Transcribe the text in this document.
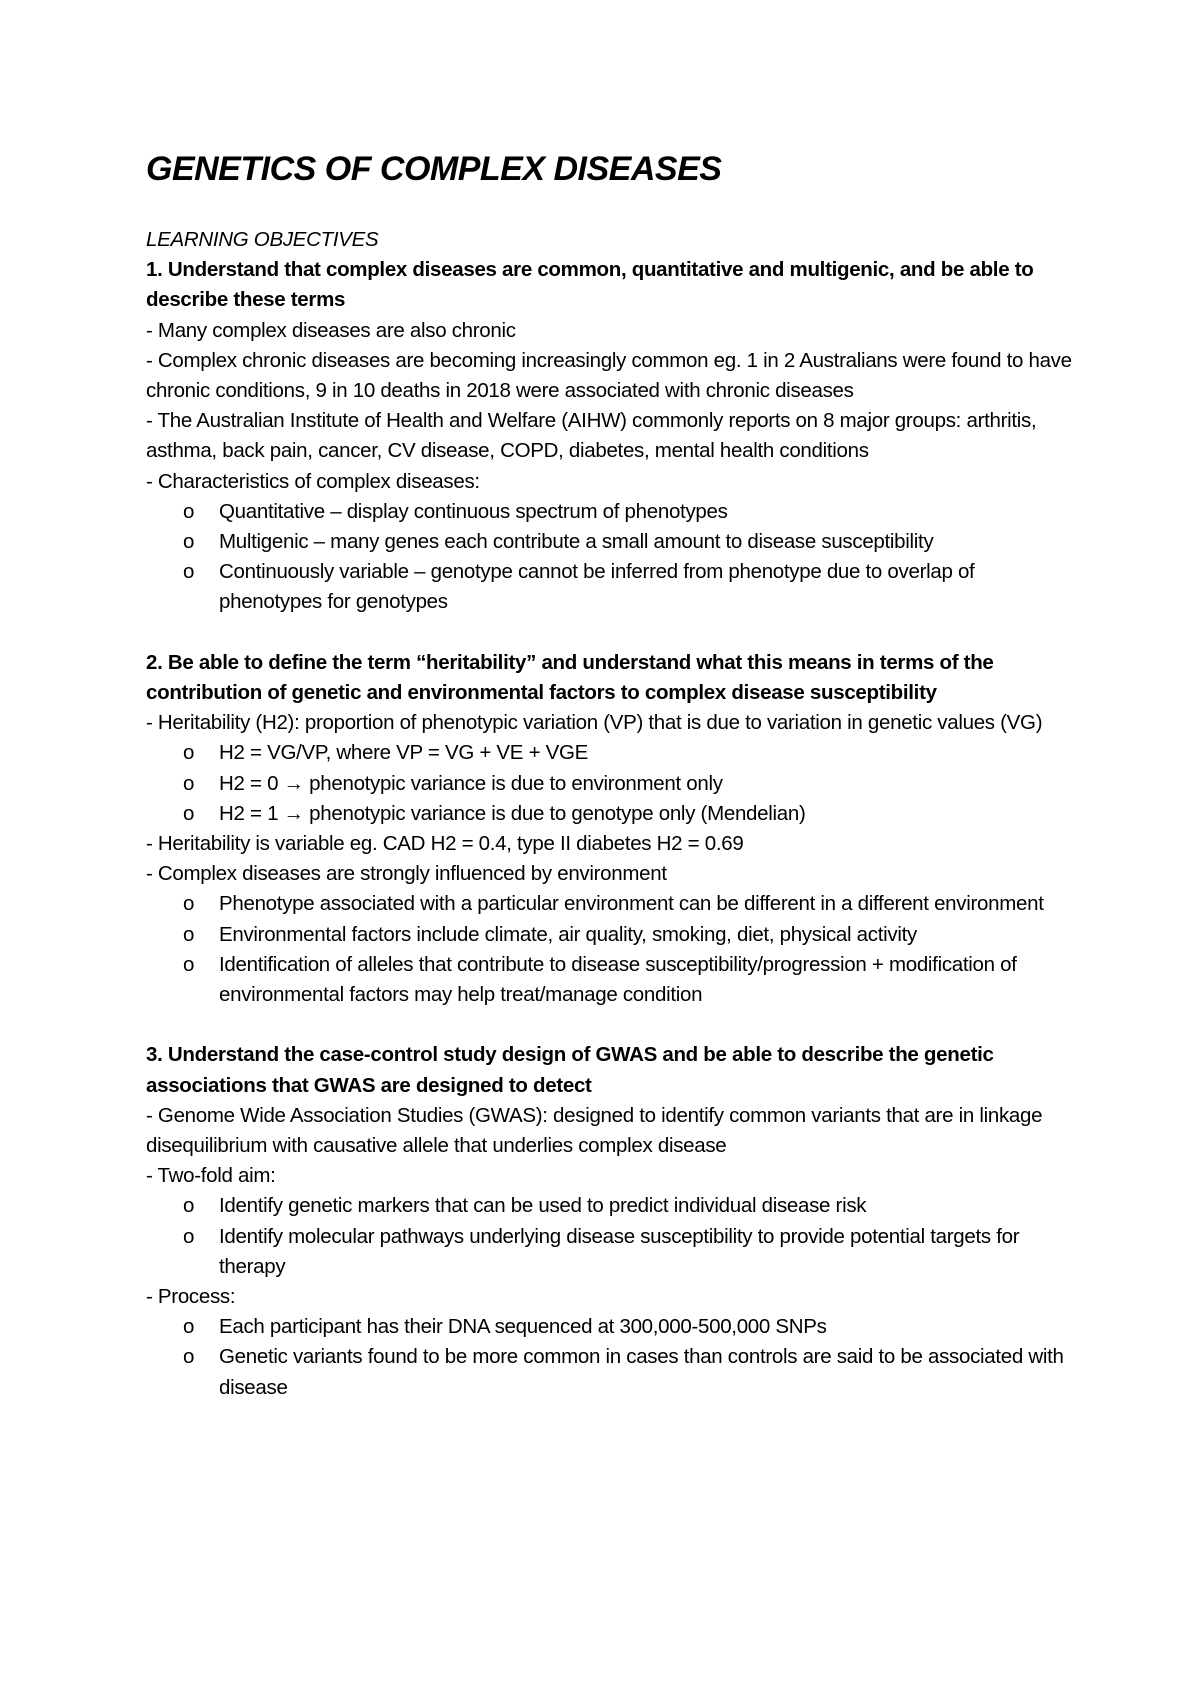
GENETICS OF COMPLEX DISEASES

LEARNING OBJECTIVES

1. Understand that complex diseases are common, quantitative and multigenic, and be able to describe these terms

- Many complex diseases are also chronic

- Complex chronic diseases are becoming increasingly common eg. 1 in 2 Australians were found to have chronic conditions, 9 in 10 deaths in 2018 were associated with chronic diseases

- The Australian Institute of Health and Welfare (AIHW) commonly reports on 8 major groups: arthritis, asthma, back pain, cancer, CV disease, COPD, diabetes, mental health conditions

- Characteristics of complex diseases:

o Quantitative – display continuous spectrum of phenotypes
o Multigenic – many genes each contribute a small amount to disease susceptibility
o Continuously variable – genotype cannot be inferred from phenotype due to overlap of phenotypes for genotypes

2. Be able to define the term “heritability” and understand what this means in terms of the contribution of genetic and environmental factors to complex disease susceptibility

- Heritability (H2): proportion of phenotypic variation (VP) that is due to variation in genetic values (VG)

o H2 = VG/VP, where VP = VG + VE + VGE
o H2 = 0 → phenotypic variance is due to environment only
o H2 = 1 → phenotypic variance is due to genotype only (Mendelian)

- Heritability is variable eg. CAD H2 = 0.4, type II diabetes H2 = 0.69

- Complex diseases are strongly influenced by environment

o Phenotype associated with a particular environment can be different in a different environment
o Environmental factors include climate, air quality, smoking, diet, physical activity
o Identification of alleles that contribute to disease susceptibility/progression + modification of environmental factors may help treat/manage condition

3. Understand the case-control study design of GWAS and be able to describe the genetic associations that GWAS are designed to detect

- Genome Wide Association Studies (GWAS): designed to identify common variants that are in linkage disequilibrium with causative allele that underlies complex disease

- Two-fold aim:

o Identify genetic markers that can be used to predict individual disease risk
o Identify molecular pathways underlying disease susceptibility to provide potential targets for therapy

- Process:

o Each participant has their DNA sequenced at 300,000-500,000 SNPs
o Genetic variants found to be more common in cases than controls are said to be associated with disease
